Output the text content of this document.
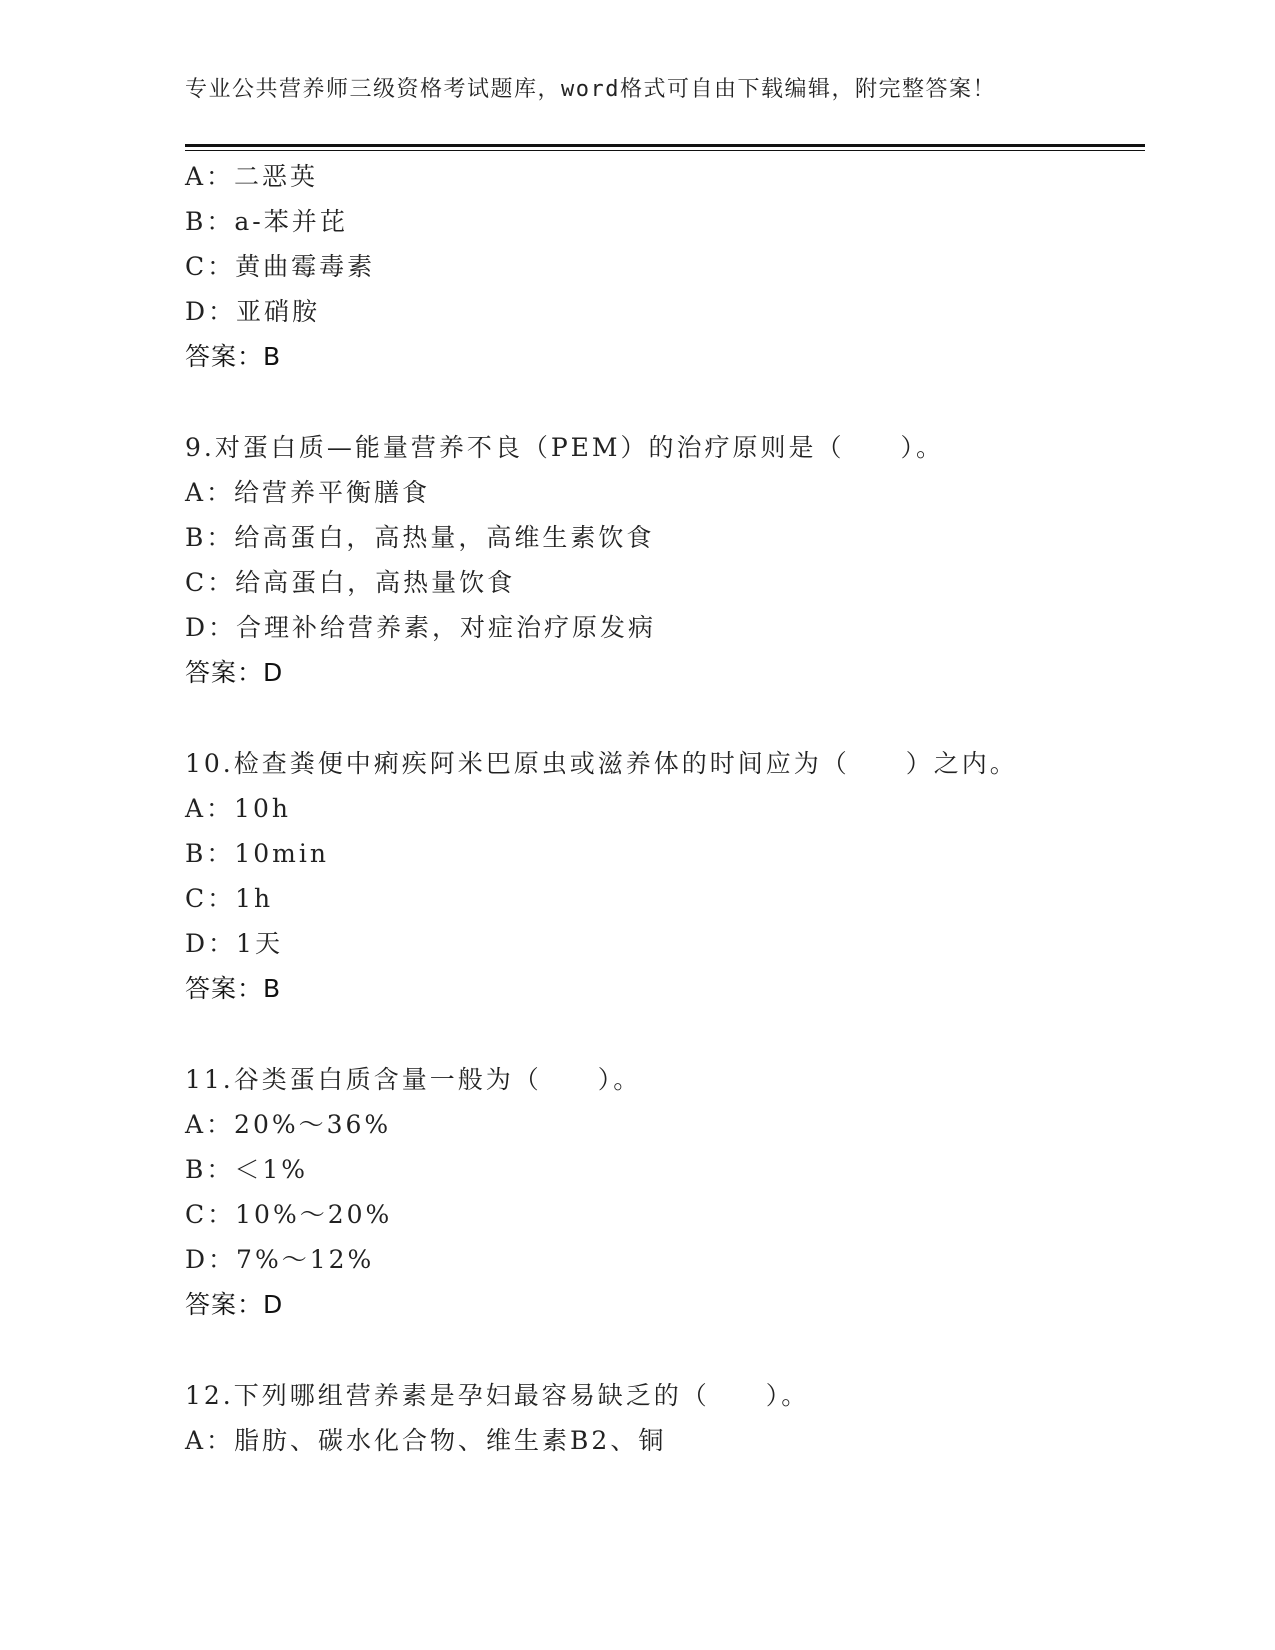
专业公共营养师三级资格考试题库，word格式可自由下载编辑，附完整答案！
A：二恶英
B：a-苯并芘
C：黄曲霉毒素
D：亚硝胺
答案：B
9.对蛋白质—能量营养不良（PEM）的治疗原则是（　　）。
A：给营养平衡膳食
B：给高蛋白，高热量，高维生素饮食
C：给高蛋白，高热量饮食
D：合理补给营养素，对症治疗原发病
答案：D
10.检查粪便中痢疾阿米巴原虫或滋养体的时间应为（　　）之内。
A：10h
B：10min
C：1h
D：1天
答案：B
11.谷类蛋白质含量一般为（　　）。
A：20%～36%
B：＜1%
C：10%～20%
D：7%～12%
答案：D
12.下列哪组营养素是孕妇最容易缺乏的（　　）。
A：脂肪、碳水化合物、维生素B2、铜
